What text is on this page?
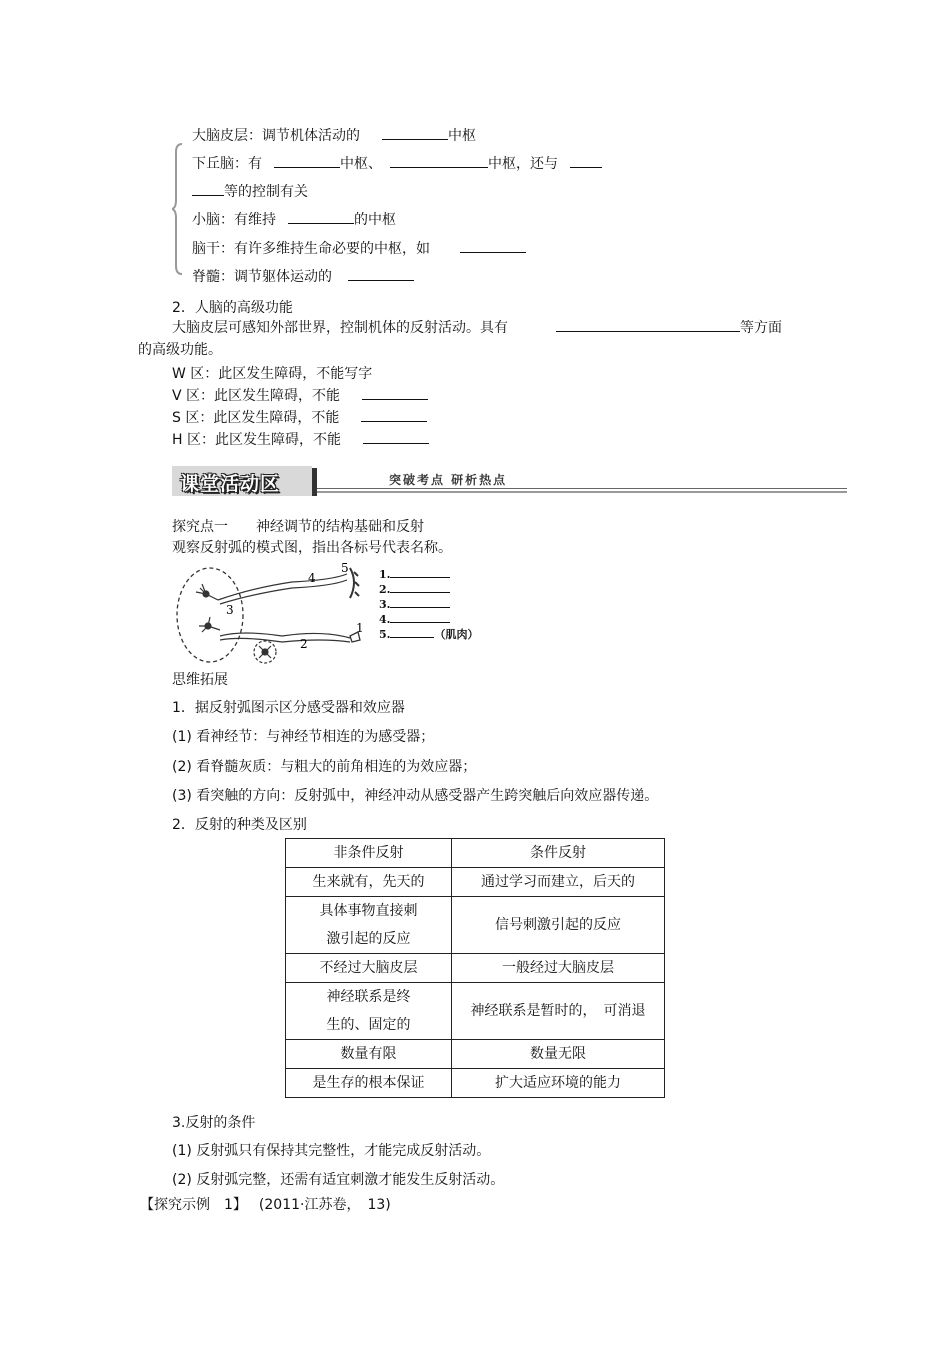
大脑皮层：调节机体活动的	中枢
下丘脑：有	中枢、	中枢，还与
等的控制有关
小脑：有维持	的中枢
脑干：有许多维持生命必要的中枢，如
脊髓：调节躯体运动的
2．人脑的高级功能
大脑皮层可感知外部世界，控制机体的反射活动。具有	等方面
的高级功能。
W 区：此区发生障碍，不能写字
V 区：此区发生障碍，不能
S 区：此区发生障碍，不能
H 区：此区发生障碍，不能
课堂活动区	突破考点 研析热点
探究点一　　神经调节的结构基础和反射
观察反射弧的模式图，指出各标号代表名称。
3
4
5
1
2
1.
2.
3.
4.
5.	（肌肉）
思维拓展
1．据反射弧图示区分感受器和效应器
(1) 看神经节：与神经节相连的为感受器；
(2) 看脊髓灰质：与粗大的前角相连的为效应器；
(3) 看突触的方向：反射弧中，神经冲动从感受器产生跨突触后向效应器传递。
2．反射的种类及区别
非条件反射	条件反射
生来就有，先天的	通过学习而建立，后天的

具体事物直接刺
激引起的反应	信号刺激引起的反应
不经过大脑皮层	一般经过大脑皮层

神经联系是终
生的、固定的	神经联系是暂时的，　可消退
数量有限	数量无限
是生存的根本保证	扩大适应环境的能力
3.反射的条件
(1) 反射弧只有保持其完整性，才能完成反射活动。
(2) 反射弧完整，还需有适宜刺激才能发生反射活动。
【探究示例　1】 (2011·江苏卷，　13)
